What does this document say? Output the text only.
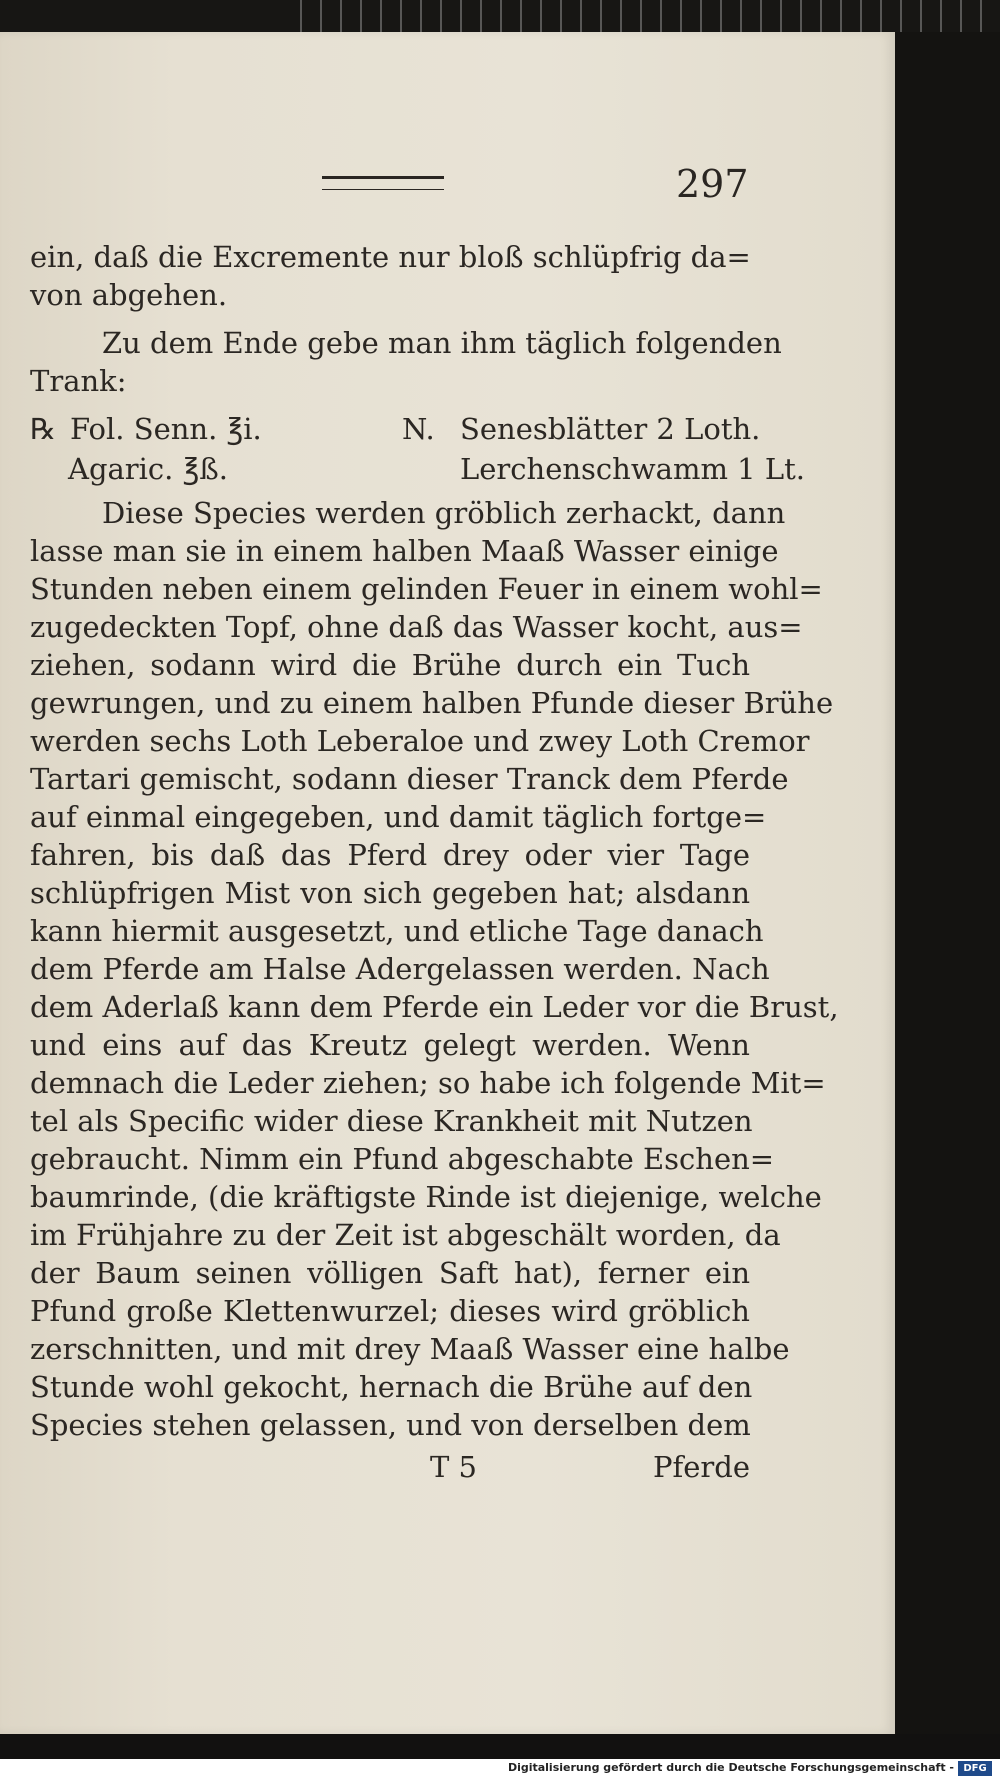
297
ein, daß die Excremente nur bloß schlüpfrig da=
von abgehen.
Zu dem Ende gebe man ihm täglich folgenden
Trank:
℞ Fol. Senn. ℥i.
Agaric. ℥ß.
N. Senesblätter 2 Loth.
Lerchenschwamm 1 Lt.
Diese Species werden gröblich zerhackt, dann
lasse man sie in einem halben Maaß Wasser einige
Stunden neben einem gelinden Feuer in einem wohl=
zugedeckten Topf, ohne daß das Wasser kocht, aus=
ziehen, sodann wird die Brühe durch ein Tuch
gewrungen, und zu einem halben Pfunde dieser Brühe
werden sechs Loth Leberaloe und zwey Loth Cremor
Tartari gemischt, sodann dieser Tranck dem Pferde
auf einmal eingegeben, und damit täglich fortge=
fahren, bis daß das Pferd drey oder vier Tage
schlüpfrigen Mist von sich gegeben hat; alsdann
kann hiermit ausgesetzt, und etliche Tage danach
dem Pferde am Halse Adergelassen werden. Nach
dem Aderlaß kann dem Pferde ein Leder vor die Brust,
und eins auf das Kreutz gelegt werden. Wenn
demnach die Leder ziehen; so habe ich folgende Mit=
tel als Specific wider diese Krankheit mit Nutzen
gebraucht. Nimm ein Pfund abgeschabte Eschen=
baumrinde, (die kräftigste Rinde ist diejenige, welche
im Frühjahre zu der Zeit ist abgeschält worden, da
der Baum seinen völligen Saft hat), ferner ein
Pfund große Klettenwurzel; dieses wird gröblich
zerschnitten, und mit drey Maaß Wasser eine halbe
Stunde wohl gekocht, hernach die Brühe auf den
Species stehen gelassen, und von derselben dem
T 5	Pferde
Digitalisierung gefördert durch die Deutsche Forschungsgemeinschaft - DFG
